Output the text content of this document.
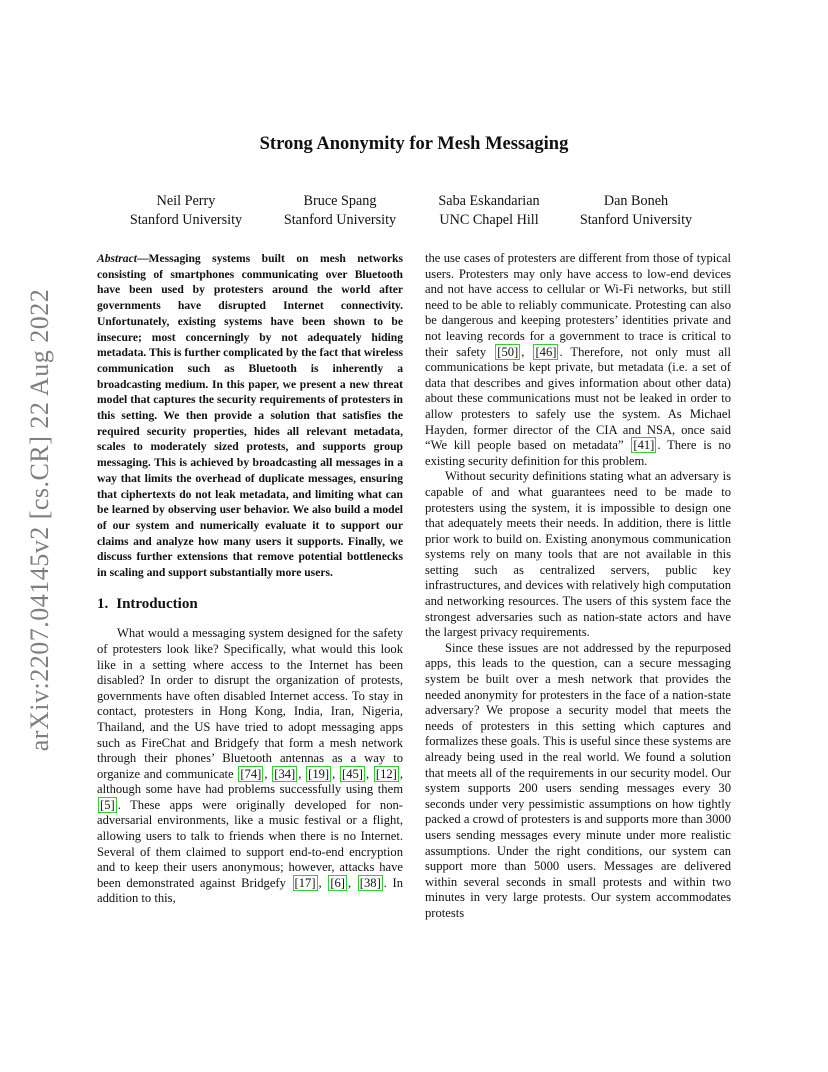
arXiv:2207.04145v2 [cs.CR] 22 Aug 2022
Strong Anonymity for Mesh Messaging
Neil Perry
Stanford University
Bruce Spang
Stanford University
Saba Eskandarian
UNC Chapel Hill
Dan Boneh
Stanford University

Abstract—Messaging systems built on mesh networks consisting of smartphones communicating over Bluetooth have been used by protesters around the world after governments have disrupted Internet connectivity. Unfortunately, existing systems have been shown to be insecure; most concerningly by not adequately hiding metadata. This is further complicated by the fact that wireless communication such as Bluetooth is inherently a broadcasting medium. In this paper, we present a new threat model that captures the security requirements of protesters in this setting. We then provide a solution that satisfies the required security properties, hides all relevant metadata, scales to moderately sized protests, and supports group messaging. This is achieved by broadcasting all messages in a way that limits the overhead of duplicate messages, ensuring that ciphertexts do not leak metadata, and limiting what can be learned by observing user behavior. We also build a model of our system and numerically evaluate it to support our claims and analyze how many users it supports. Finally, we discuss further extensions that remove potential bottlenecks in scaling and support substantially more users.

1. Introduction

What would a messaging system designed for the safety of protesters look like? Specifically, what would this look like in a setting where access to the Internet has been disabled? In order to disrupt the organization of protests, governments have often disabled Internet access. To stay in contact, protesters in Hong Kong, India, Iran, Nigeria, Thailand, and the US have tried to adopt messaging apps such as FireChat and Bridgefy that form a mesh network through their phones’ Bluetooth antennas as a way to organize and communicate [74] , [34] , [19] , [45] , [12] , although some have had problems successfully using them [5] . These apps were originally developed for non-adversarial environments, like a music festival or a flight, allowing users to talk to friends when there is no Internet. Several of them claimed to support end-to-end encryption and to keep their users anonymous; however, attacks have been demonstrated against Bridgefy [17] , [6] , [38] . In addition to this,

the use cases of protesters are different from those of typical users. Protesters may only have access to low-end devices and not have access to cellular or Wi-Fi networks, but still need to be able to reliably communicate. Protesting can also be dangerous and keeping protesters’ identities private and not leaving records for a government to trace is critical to their safety [50] , [46] . Therefore, not only must all communications be kept private, but metadata (i.e. a set of data that describes and gives information about other data) about these communications must not be leaked in order to allow protesters to safely use the system. As Michael Hayden, former director of the CIA and NSA, once said “We kill people based on metadata” [41] . There is no existing security definition for this problem.

Without security definitions stating what an adversary is capable of and what guarantees need to be made to protesters using the system, it is impossible to design one that adequately meets their needs. In addition, there is little prior work to build on. Existing anonymous communication systems rely on many tools that are not available in this setting such as centralized servers, public key infrastructures, and devices with relatively high computation and networking resources. The users of this system face the strongest adversaries such as nation-state actors and have the largest privacy requirements.

Since these issues are not addressed by the repurposed apps, this leads to the question, can a secure messaging system be built over a mesh network that provides the needed anonymity for protesters in the face of a nation-state adversary? We propose a security model that meets the needs of protesters in this setting which captures and formalizes these goals. This is useful since these systems are already being used in the real world. We found a solution that meets all of the requirements in our security model. Our system supports 200 users sending messages every 30 seconds under very pessimistic assumptions on how tightly packed a crowd of protesters is and supports more than 3000 users sending messages every minute under more realistic assumptions. Under the right conditions, our system can support more than 5000 users. Messages are delivered within several seconds in small protests and within two minutes in very large protests. Our system accommodates protests
